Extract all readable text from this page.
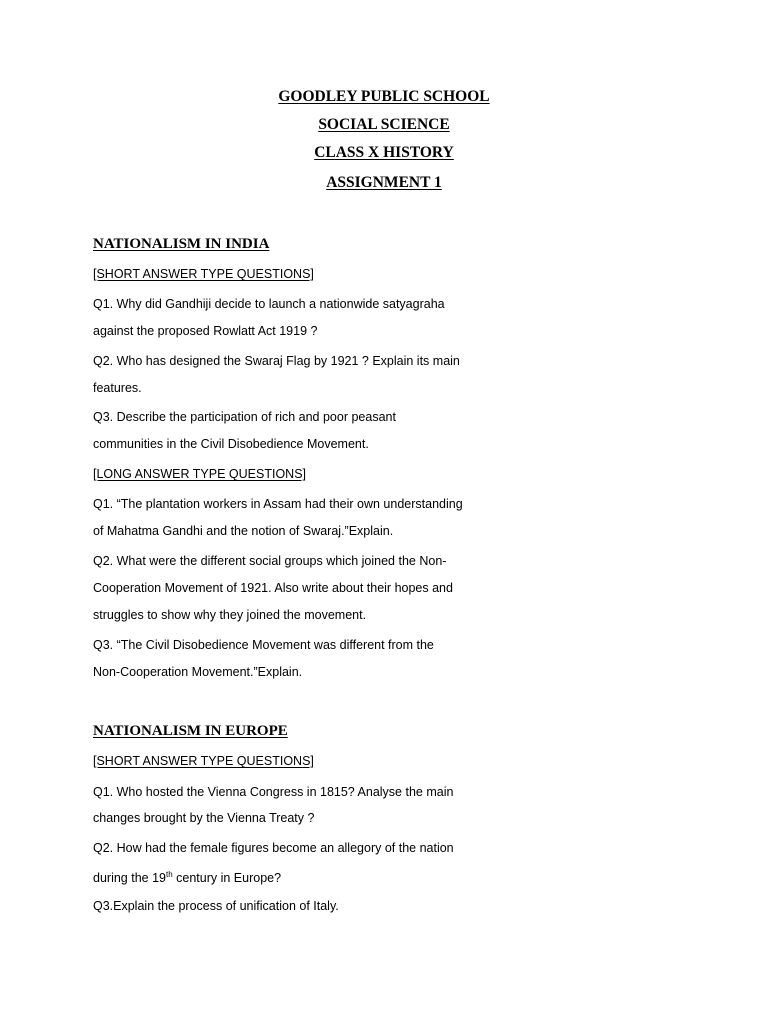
GOODLEY PUBLIC SCHOOL
SOCIAL SCIENCE
CLASS X HISTORY
ASSIGNMENT 1
NATIONALISM IN INDIA
[SHORT ANSWER TYPE QUESTIONS]
Q1. Why did Gandhiji decide to launch a nationwide satyagraha
against the proposed Rowlatt Act 1919 ?
Q2. Who has designed the Swaraj Flag by 1921 ? Explain its main
features.
Q3. Describe the participation of rich and poor peasant
communities in the Civil Disobedience Movement.
[LONG ANSWER TYPE QUESTIONS]
Q1. “The plantation workers in Assam had their own understanding
of Mahatma Gandhi and the notion of Swaraj.”Explain.
Q2. What were the different social groups which joined the Non-
Cooperation Movement of 1921. Also write about their hopes and
struggles to show why they joined the movement.
Q3. “The Civil Disobedience Movement was different from the
Non-Cooperation Movement.”Explain.
NATIONALISM IN EUROPE
[SHORT ANSWER TYPE QUESTIONS]
Q1. Who hosted the Vienna Congress in 1815? Analyse the main
changes brought by the Vienna Treaty ?
Q2. How had the female figures become an allegory of the nation
during the 19th century in Europe?
Q3.Explain the process of unification of Italy.
